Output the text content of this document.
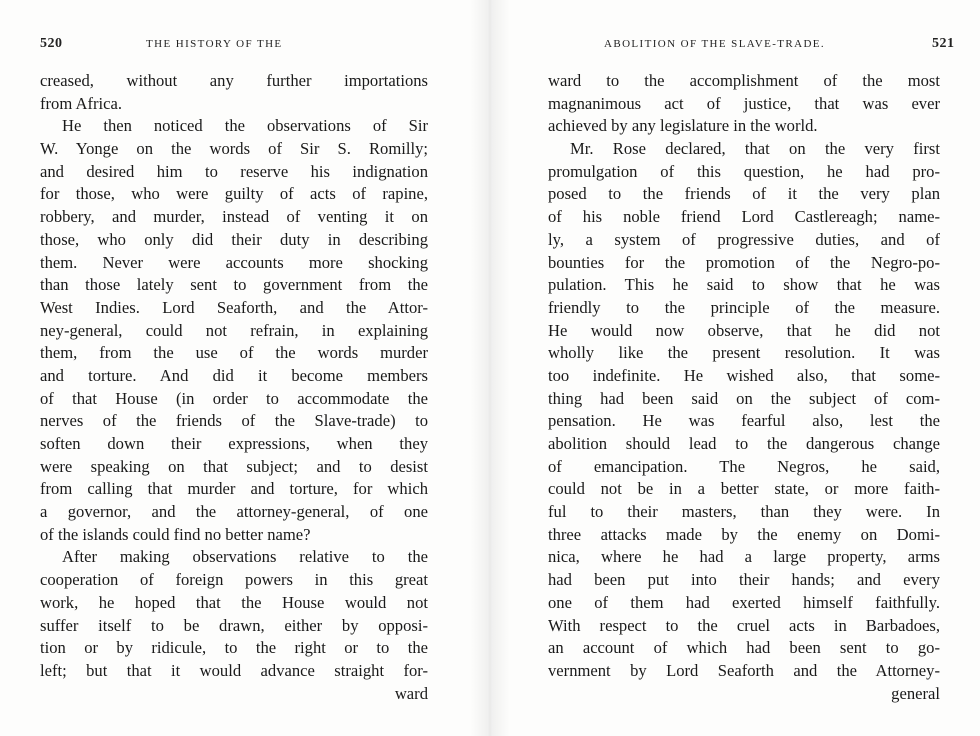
520	THE HISTORY OF THE
creased, without any further importations
from Africa.
He then noticed the observations of Sir
W. Yonge on the words of Sir S. Romilly;
and desired him to reserve his indignation
for those, who were guilty of acts of rapine,
robbery, and murder, instead of venting it on
those, who only did their duty in describing
them. Never were accounts more shocking
than those lately sent to government from the
West Indies. Lord Seaforth, and the Attor-
ney-general, could not refrain, in explaining
them, from the use of the words murder
and torture. And did it become members
of that House (in order to accommodate the
nerves of the friends of the Slave-trade) to
soften down their expressions, when they
were speaking on that subject; and to desist
from calling that murder and torture, for which
a governor, and the attorney-general, of one
of the islands could find no better name?
After making observations relative to the
cooperation of foreign powers in this great
work, he hoped that the House would not
suffer itself to be drawn, either by opposi-
tion or by ridicule, to the right or to the
left; but that it would advance straight for-
ward
ABOLITION OF THE SLAVE-TRADE.	521
ward to the accomplishment of the most
magnanimous act of justice, that was ever
achieved by any legislature in the world.
Mr. Rose declared, that on the very first
promulgation of this question, he had pro-
posed to the friends of it the very plan
of his noble friend Lord Castlereagh; name-
ly, a system of progressive duties, and of
bounties for the promotion of the Negro-po-
pulation. This he said to show that he was
friendly to the principle of the measure.
He would now observe, that he did not
wholly like the present resolution. It was
too indefinite. He wished also, that some-
thing had been said on the subject of com-
pensation. He was fearful also, lest the
abolition should lead to the dangerous change
of emancipation. The Negros, he said,
could not be in a better state, or more faith-
ful to their masters, than they were. In
three attacks made by the enemy on Domi-
nica, where he had a large property, arms
had been put into their hands; and every
one of them had exerted himself faithfully.
With respect to the cruel acts in Barbadoes,
an account of which had been sent to go-
vernment by Lord Seaforth and the Attorney-
general
